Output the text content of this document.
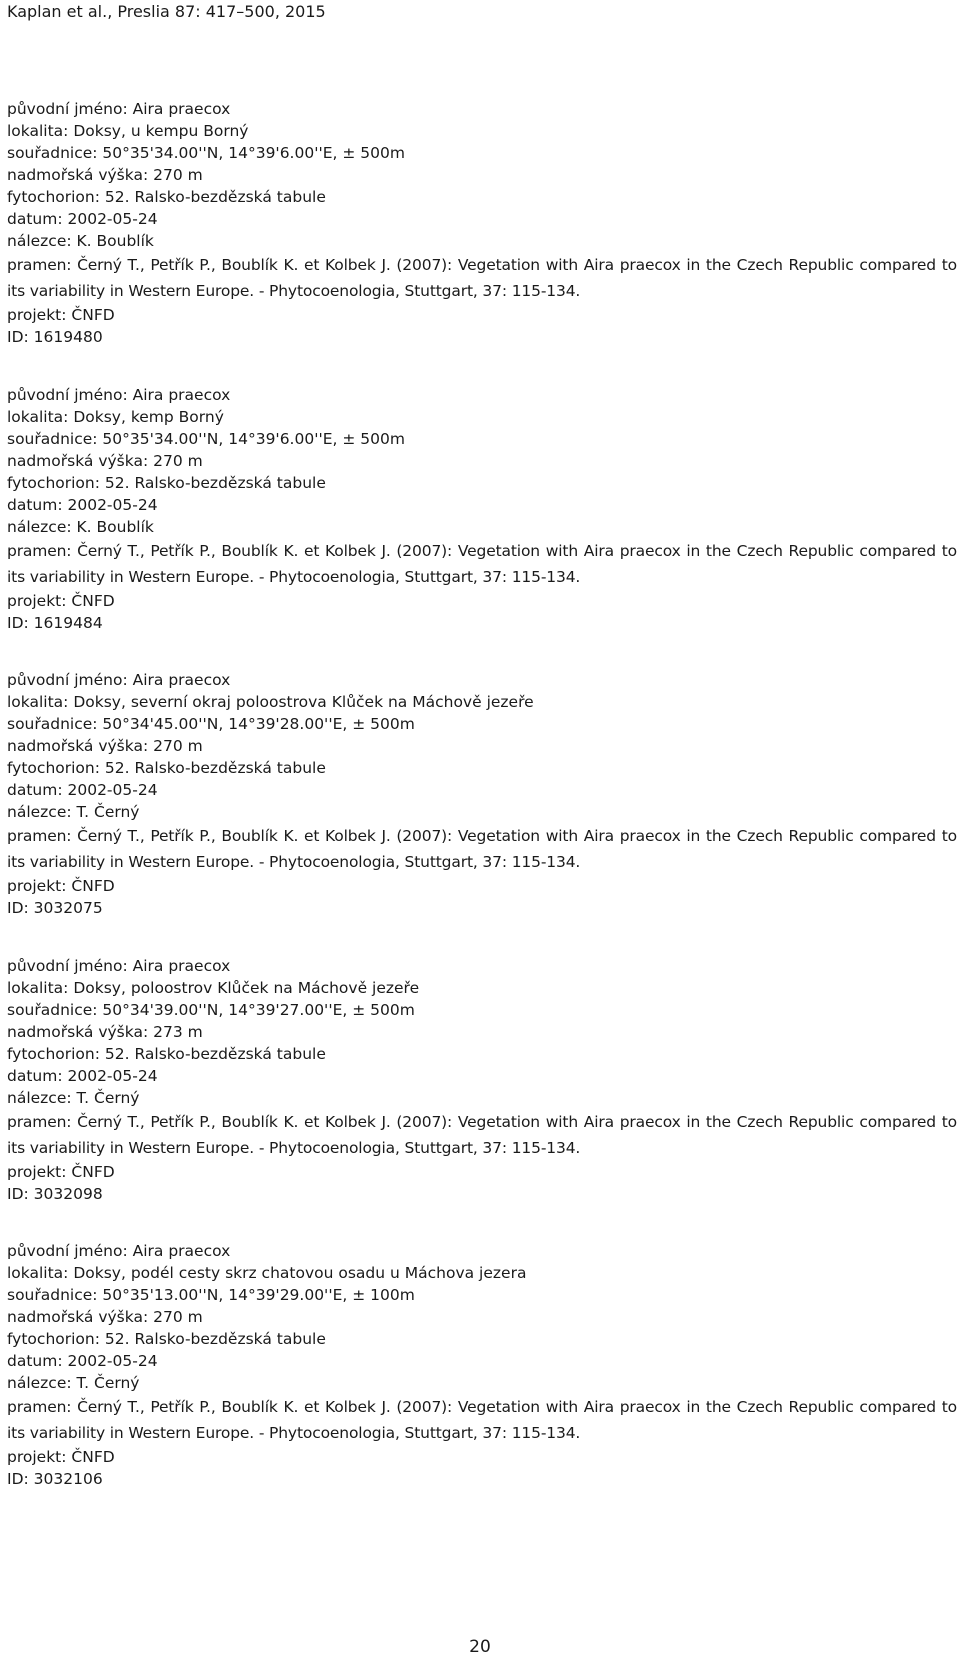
Kaplan et al., Preslia 87: 417–500, 2015
původní jméno: Aira praecox
lokalita: Doksy, u kempu Borný
souřadnice: 50°35'34.00''N, 14°39'6.00''E, ± 500m
nadmořská výška: 270 m
fytochorion: 52. Ralsko-bezdězská tabule
datum: 2002-05-24
nálezce: K. Boublík
pramen: Černý T., Petřík P., Boublík K. et Kolbek J. (2007): Vegetation with Aira praecox in the Czech Republic compared to its variability in Western Europe. - Phytocoenologia, Stuttgart, 37: 115-134.
projekt: ČNFD
ID: 1619480
původní jméno: Aira praecox
lokalita: Doksy, kemp Borný
souřadnice: 50°35'34.00''N, 14°39'6.00''E, ± 500m
nadmořská výška: 270 m
fytochorion: 52. Ralsko-bezdězská tabule
datum: 2002-05-24
nálezce: K. Boublík
pramen: Černý T., Petřík P., Boublík K. et Kolbek J. (2007): Vegetation with Aira praecox in the Czech Republic compared to its variability in Western Europe. - Phytocoenologia, Stuttgart, 37: 115-134.
projekt: ČNFD
ID: 1619484
původní jméno: Aira praecox
lokalita: Doksy, severní okraj poloostrova Klůček na Máchově jezeře
souřadnice: 50°34'45.00''N, 14°39'28.00''E, ± 500m
nadmořská výška: 270 m
fytochorion: 52. Ralsko-bezdězská tabule
datum: 2002-05-24
nálezce: T. Černý
pramen: Černý T., Petřík P., Boublík K. et Kolbek J. (2007): Vegetation with Aira praecox in the Czech Republic compared to its variability in Western Europe. - Phytocoenologia, Stuttgart, 37: 115-134.
projekt: ČNFD
ID: 3032075
původní jméno: Aira praecox
lokalita: Doksy, poloostrov Klůček na Máchově jezeře
souřadnice: 50°34'39.00''N, 14°39'27.00''E, ± 500m
nadmořská výška: 273 m
fytochorion: 52. Ralsko-bezdězská tabule
datum: 2002-05-24
nálezce: T. Černý
pramen: Černý T., Petřík P., Boublík K. et Kolbek J. (2007): Vegetation with Aira praecox in the Czech Republic compared to its variability in Western Europe. - Phytocoenologia, Stuttgart, 37: 115-134.
projekt: ČNFD
ID: 3032098
původní jméno: Aira praecox
lokalita: Doksy, podél cesty skrz chatovou osadu u Máchova jezera
souřadnice: 50°35'13.00''N, 14°39'29.00''E, ± 100m
nadmořská výška: 270 m
fytochorion: 52. Ralsko-bezdězská tabule
datum: 2002-05-24
nálezce: T. Černý
pramen: Černý T., Petřík P., Boublík K. et Kolbek J. (2007): Vegetation with Aira praecox in the Czech Republic compared to its variability in Western Europe. - Phytocoenologia, Stuttgart, 37: 115-134.
projekt: ČNFD
ID: 3032106
20
